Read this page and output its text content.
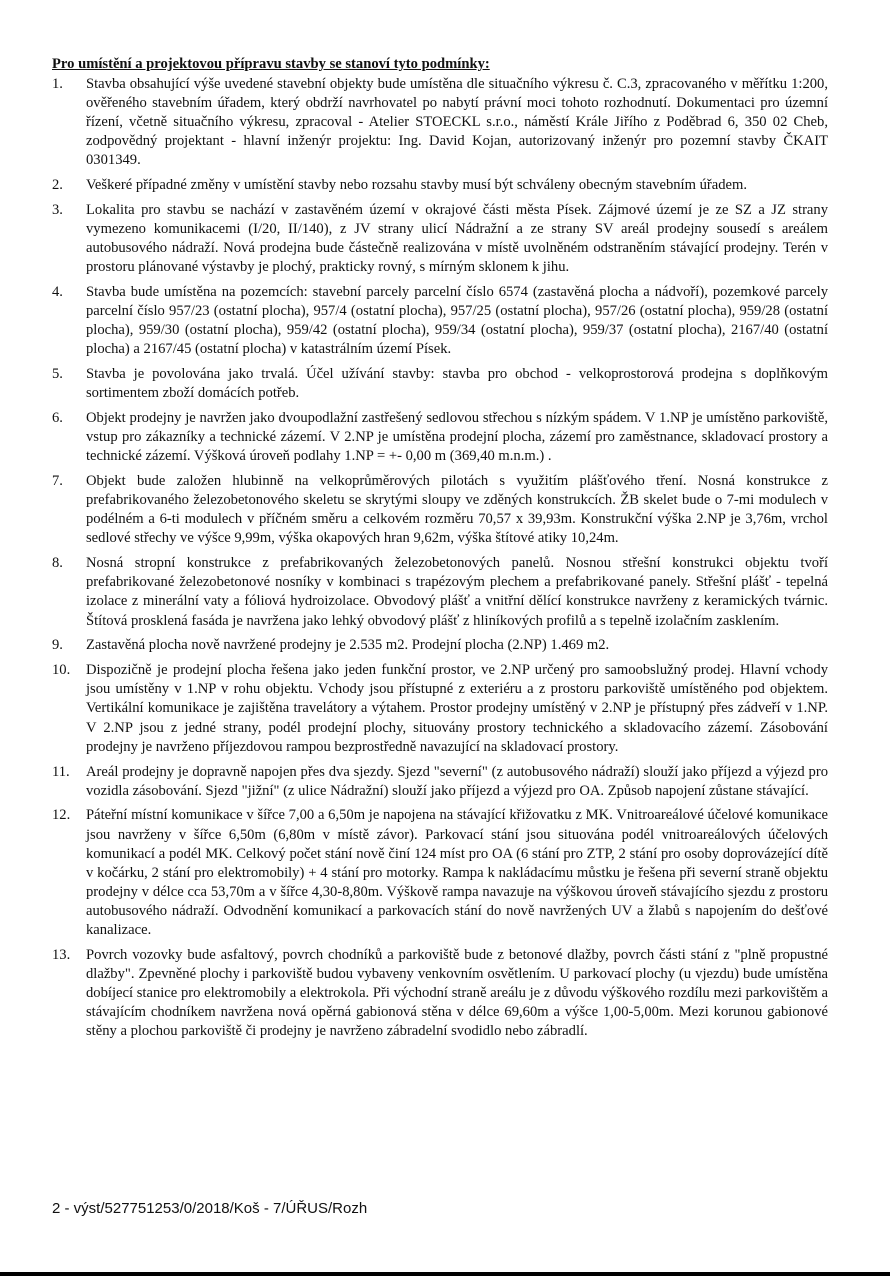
Pro umístění a projektovou přípravu stavby se stanoví tyto podmínky:
1. Stavba obsahující výše uvedené stavební objekty bude umístěna dle situačního výkresu č. C.3, zpracovaného v měřítku 1:200, ověřeného stavebním úřadem, který obdrží navrhovatel po nabytí právní moci tohoto rozhodnutí. Dokumentaci pro územní řízení, včetně situačního výkresu, zpracoval - Atelier STOECKL s.r.o., náměstí Krále Jiřího z Poděbrad 6, 350 02 Cheb, zodpovědný projektant - hlavní inženýr projektu: Ing. David Kojan, autorizovaný inženýr pro pozemní stavby ČKAIT 0301349.
2. Veškeré případné změny v umístění stavby nebo rozsahu stavby musí být schváleny obecným stavebním úřadem.
3. Lokalita pro stavbu se nachází v zastavěném území v okrajové části města Písek. Zájmové území je ze SZ a JZ strany vymezeno komunikacemi (I/20, II/140), z JV strany ulicí Nádražní a ze strany SV areál prodejny sousedí s areálem autobusového nádraží. Nová prodejna bude částečně realizována v místě uvolněném odstraněním stávající prodejny. Terén v prostoru plánované výstavby je plochý, prakticky rovný, s mírným sklonem k jihu.
4. Stavba bude umístěna na pozemcích: stavební parcely parcelní číslo 6574 (zastavěná plocha a nádvoří), pozemkové parcely parcelní číslo 957/23 (ostatní plocha), 957/4 (ostatní plocha), 957/25 (ostatní plocha), 957/26 (ostatní plocha), 959/28 (ostatní plocha), 959/30 (ostatní plocha), 959/42 (ostatní plocha), 959/34 (ostatní plocha), 959/37 (ostatní plocha), 2167/40 (ostatní plocha) a 2167/45 (ostatní plocha) v katastrálním území Písek.
5. Stavba je povolována jako trvalá. Účel užívání stavby: stavba pro obchod - velkoprostorová prodejna s doplňkovým sortimentem zboží domácích potřeb.
6. Objekt prodejny je navržen jako dvoupodlažní zastřešený sedlovou střechou s nízkým spádem. V 1.NP je umístěno parkoviště, vstup pro zákazníky a technické zázemí. V 2.NP je umístěna prodejní plocha, zázemí pro zaměstnance, skladovací prostory a technické zázemí. Výšková úroveň podlahy 1.NP = +- 0,00 m (369,40 m.n.m.) .
7. Objekt bude založen hlubinně na velkoprůměrových pilotách s využitím plášťového tření. Nosná konstrukce z prefabrikovaného železobetonového skeletu se skrytými sloupy ve zděných konstrukcích. ŽB skelet bude o 7-mi modulech v podélném a 6-ti modulech v příčném směru a celkovém rozměru 70,57 x 39,93m. Konstrukční výška 2.NP je 3,76m, vrchol sedlové střechy ve výšce 9,99m, výška okapových hran 9,62m, výška štítové atiky 10,24m.
8. Nosná stropní konstrukce z prefabrikovaných železobetonových panelů. Nosnou střešní konstrukci objektu tvoří prefabrikované železobetonové nosníky v kombinaci s trapézovým plechem a prefabrikované panely. Střešní plášť - tepelná izolace z minerální vaty a fóliová hydroizolace. Obvodový plášť a vnitřní dělící konstrukce navrženy z keramických tvárnic. Štítová prosklená fasáda je navržena jako lehký obvodový plášť z hliníkových profilů a s tepelně izolačním zasklením.
9. Zastavěná plocha nově navržené prodejny je 2.535 m2. Prodejní plocha (2.NP) 1.469 m2.
10. Dispozičně je prodejní plocha řešena jako jeden funkční prostor, ve 2.NP určený pro samoobslužný prodej. Hlavní vchody jsou umístěny v 1.NP v rohu objektu. Vchody jsou přístupné z exteriéru a z prostoru parkoviště umístěného pod objektem. Vertikální komunikace je zajištěna travelátory a výtahem. Prostor prodejny umístěný v 2.NP je přístupný přes zádveří v 1.NP. V 2.NP jsou z jedné strany, podél prodejní plochy, situovány prostory technického a skladovacího zázemí. Zásobování prodejny je navrženo příjezdovou rampou bezprostředně navazující na skladovací prostory.
11. Areál prodejny je dopravně napojen přes dva sjezdy. Sjezd "severní" (z autobusového nádraží) slouží jako příjezd a výjezd pro vozidla zásobování. Sjezd "jižní" (z ulice Nádražní) slouží jako příjezd a výjezd pro OA. Způsob napojení zůstane stávající.
12. Páteřní místní komunikace v šířce 7,00 a 6,50m je napojena na stávající křižovatku z MK. Vnitroareálové účelové komunikace jsou navrženy v šířce 6,50m (6,80m v místě závor). Parkovací stání jsou situována podél vnitroareálových účelových komunikací a podél MK. Celkový počet stání nově činí 124 míst pro OA (6 stání pro ZTP, 2 stání pro osoby doprovázející dítě v kočárku, 2 stání pro elektromobily) + 4 stání pro motorky. Rampa k nakládacímu můstku je řešena při severní straně objektu prodejny v délce cca 53,70m a v šířce 4,30-8,80m. Výškově rampa navazuje na výškovou úroveň stávajícího sjezdu z prostoru autobusového nádraží. Odvodnění komunikací a parkovacích stání do nově navržených UV a žlabů s napojením do dešťové kanalizace.
13. Povrch vozovky bude asfaltový, povrch chodníků a parkoviště bude z betonové dlažby, povrch části stání z "plně propustné dlažby". Zpevněné plochy i parkoviště budou vybaveny venkovním osvětlením. U parkovací plochy (u vjezdu) bude umístěna dobíjecí stanice pro elektromobily a elektrokola. Při východní straně areálu je z důvodu výškového rozdílu mezi parkovištěm a stávajícím chodníkem navržena nová opěrná gabionová stěna v délce 69,60m a výšce 1,00-5,00m. Mezi korunou gabionové stěny a plochou parkoviště či prodejny je navrženo zábradelní svodidlo nebo zábradlí.
2 - výst/527751253/0/2018/Koš - 7/ÚŘUS/Rozh
